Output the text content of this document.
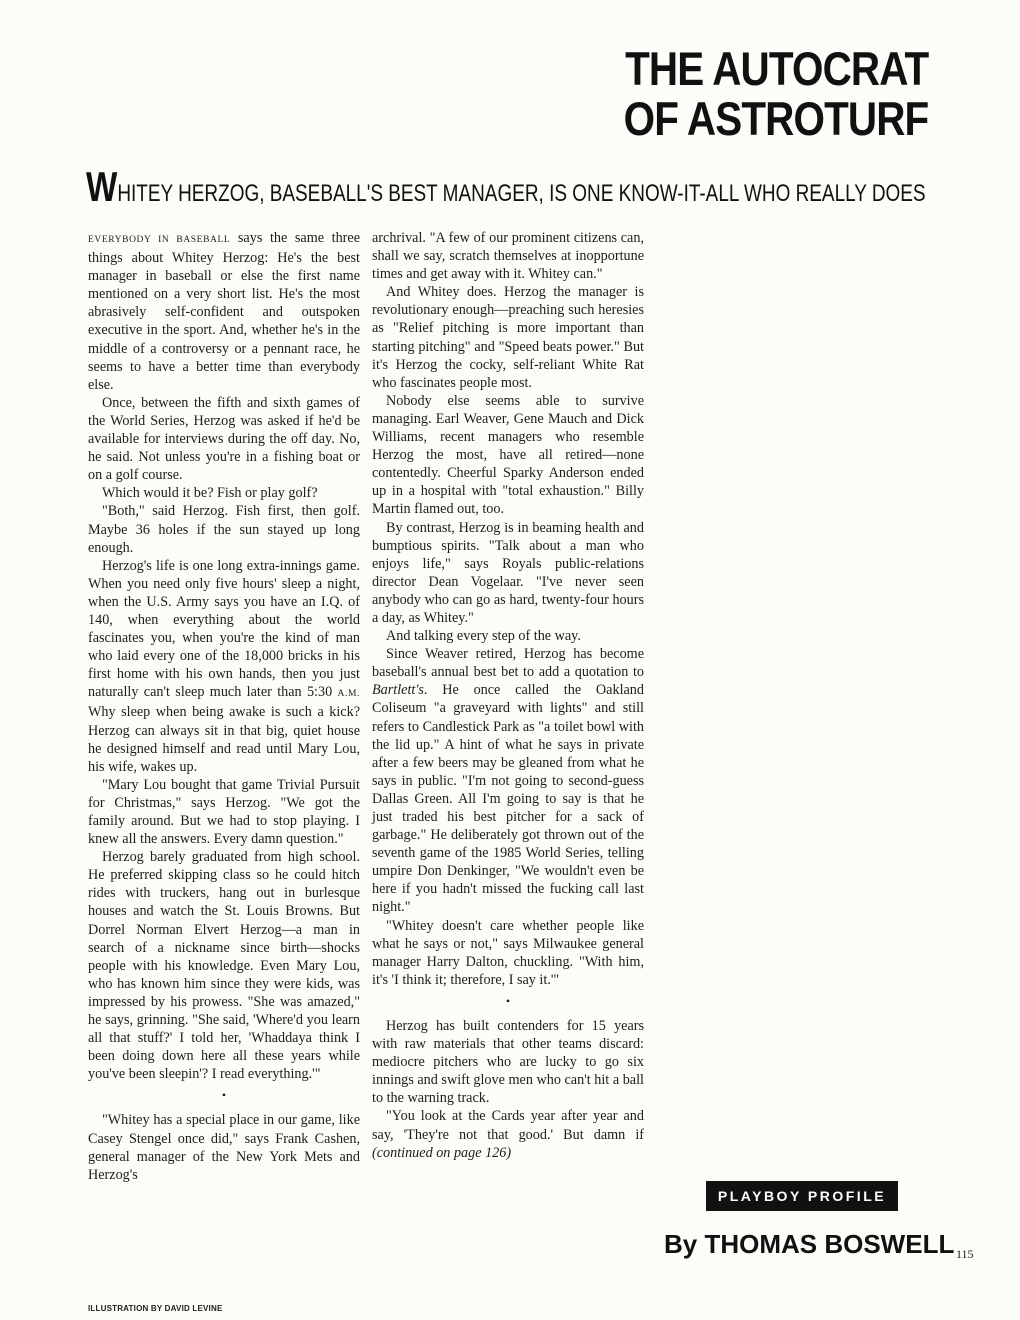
THE AUTOCRAT
OF ASTROTURF
WHITEY HERZOG, BASEBALL'S BEST MANAGER, IS ONE KNOW-IT-ALL WHO REALLY DOES

EVERYBODY IN BASEBALL says the same three things about Whitey Herzog: He's the best manager in baseball or else the first name mentioned on a very short list. He's the most abrasively self-confident and outspoken executive in the sport. And, whether he's in the middle of a controversy or a pennant race, he seems to have a better time than everybody else.

Once, between the fifth and sixth games of the World Series, Herzog was asked if he'd be available for interviews during the off day. No, he said. Not unless you're in a fishing boat or on a golf course.

Which would it be? Fish or play golf?

"Both," said Herzog. Fish first, then golf. Maybe 36 holes if the sun stayed up long enough.

Herzog's life is one long extra-innings game. When you need only five hours' sleep a night, when the U.S. Army says you have an I.Q. of 140, when everything about the world fascinates you, when you're the kind of man who laid every one of the 18,000 bricks in his first home with his own hands, then you just naturally can't sleep much later than 5:30 A.M. Why sleep when being awake is such a kick? Herzog can always sit in that big, quiet house he designed himself and read until Mary Lou, his wife, wakes up.

"Mary Lou bought that game Trivial Pursuit for Christmas," says Herzog. "We got the family around. But we had to stop playing. I knew all the answers. Every damn question."

Herzog barely graduated from high school. He preferred skipping class so he could hitch rides with truckers, hang out in burlesque houses and watch the St. Louis Browns. But Dorrel Norman Elvert Herzog—a man in search of a nickname since birth—shocks people with his knowledge. Even Mary Lou, who has known him since they were kids, was impressed by his prowess. "She was amazed," he says, grinning. "She said, 'Where'd you learn all that stuff?' I told her, 'Whaddaya think I been doing down here all these years while you've been sleepin'? I read everything.'"

•

"Whitey has a special place in our game, like Casey Stengel once did," says Frank Cashen, general manager of the New York Mets and Herzog's

archrival. "A few of our prominent citizens can, shall we say, scratch themselves at inopportune times and get away with it. Whitey can."

And Whitey does. Herzog the manager is revolutionary enough—preaching such heresies as "Relief pitching is more important than starting pitching" and "Speed beats power." But it's Herzog the cocky, self-reliant White Rat who fascinates people most.

Nobody else seems able to survive managing. Earl Weaver, Gene Mauch and Dick Williams, recent managers who resemble Herzog the most, have all retired—none contentedly. Cheerful Sparky Anderson ended up in a hospital with "total exhaustion." Billy Martin flamed out, too.

By contrast, Herzog is in beaming health and bumptious spirits. "Talk about a man who enjoys life," says Royals public-relations director Dean Vogelaar. "I've never seen anybody who can go as hard, twenty-four hours a day, as Whitey."

And talking every step of the way.

Since Weaver retired, Herzog has become baseball's annual best bet to add a quotation to Bartlett's. He once called the Oakland Coliseum "a graveyard with lights" and still refers to Candlestick Park as "a toilet bowl with the lid up." A hint of what he says in private after a few beers may be gleaned from what he says in public. "I'm not going to second-guess Dallas Green. All I'm going to say is that he just traded his best pitcher for a sack of garbage." He deliberately got thrown out of the seventh game of the 1985 World Series, telling umpire Don Denkinger, "We wouldn't even be here if you hadn't missed the fucking call last night."

"Whitey doesn't care whether people like what he says or not," says Milwaukee general manager Harry Dalton, chuckling. "With him, it's 'I think it; therefore, I say it.'"

•

Herzog has built contenders for 15 years with raw materials that other teams discard: mediocre pitchers who are lucky to go six innings and swift glove men who can't hit a ball to the warning track.

"You look at the Cards year after year and say, 'They're not that good.' But damn if (continued on page 126)

PLAYBOY PROFILE
By THOMAS BOSWELL 115
ILLUSTRATION BY DAVID LEVINE
